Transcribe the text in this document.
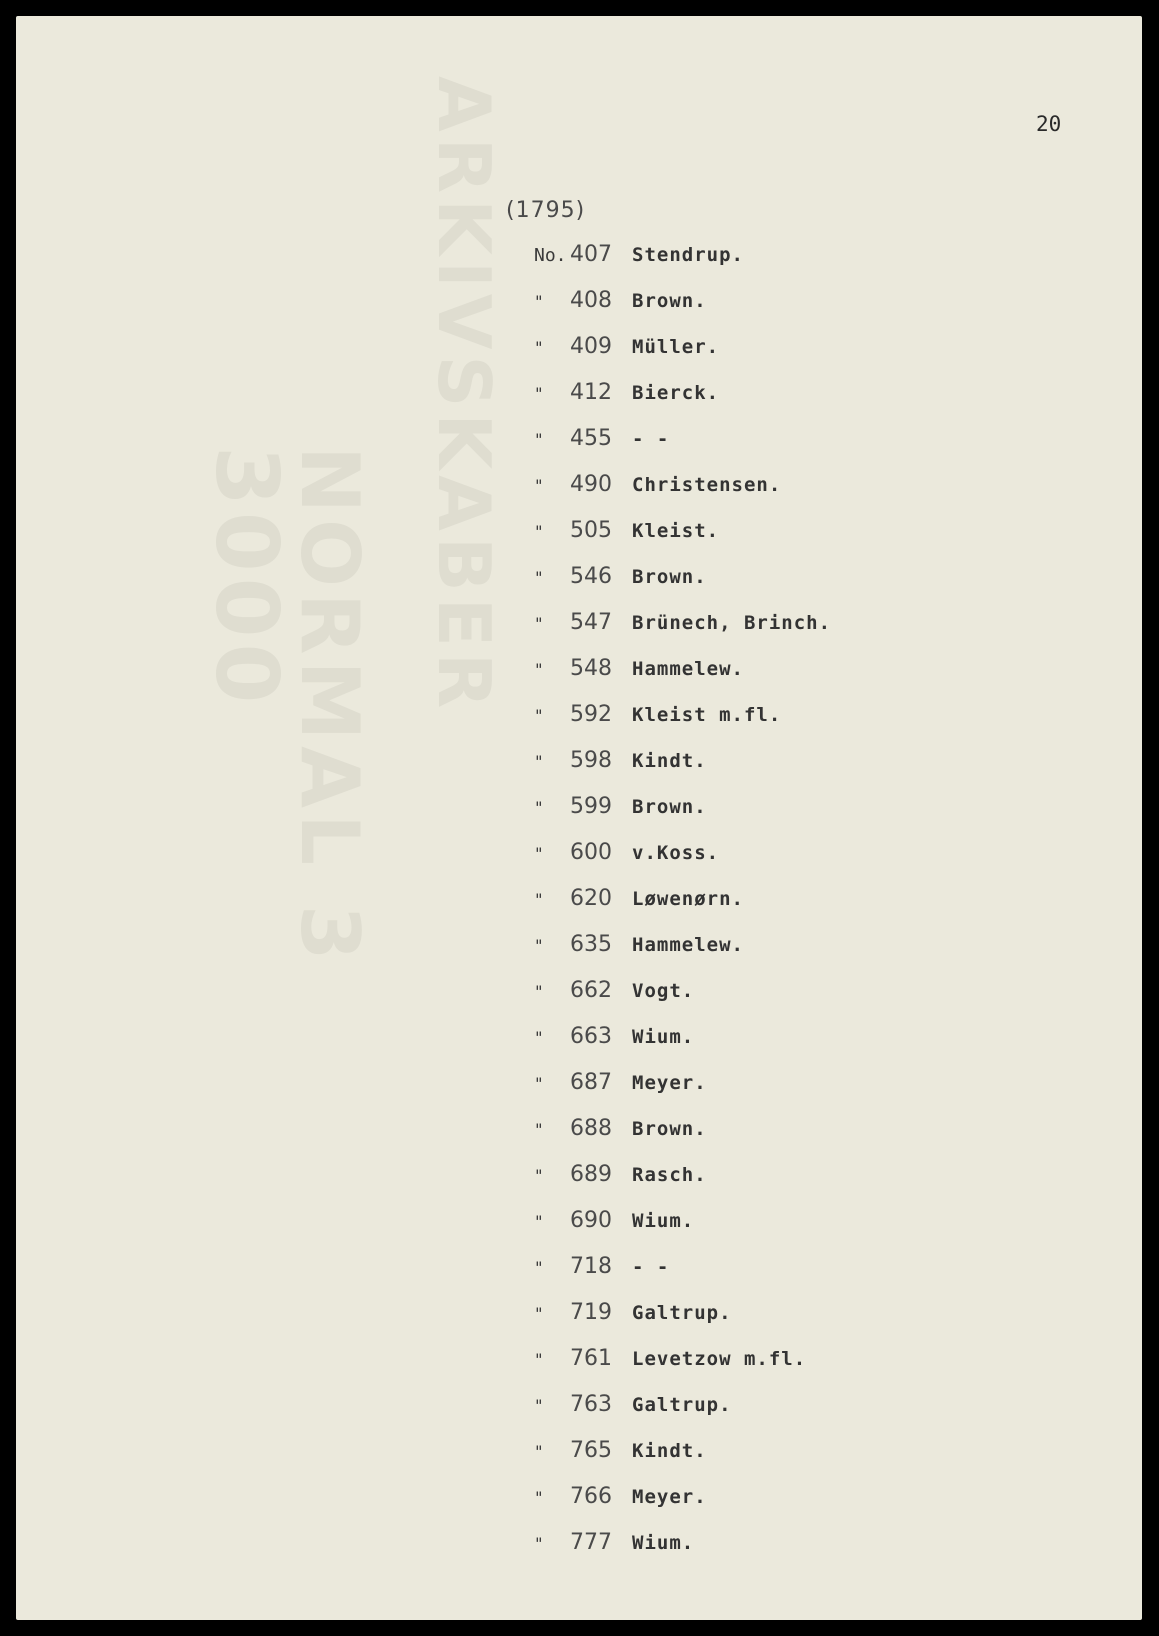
ARKIVSKABER
NORMAL 3
3000
20
(1795)
No. 407	Stendrup.
"	408	Brown.
"	409	Müller.
"	412	Bierck.
"	455	- -
"	490	Christensen.
"	505	Kleist.
"	546	Brown.
"	547	Brünech, Brinch.
"	548	Hammelew.
"	592	Kleist m.fl.
"	598	Kindt.
"	599	Brown.
"	600	v.Koss.
"	620	Løwenørn.
"	635	Hammelew.
"	662	Vogt.
"	663	Wium.
"	687	Meyer.
"	688	Brown.
"	689	Rasch.
"	690	Wium.
"	718	- -
"	719	Galtrup.
"	761	Levetzow m.fl.
"	763	Galtrup.
"	765	Kindt.
"	766	Meyer.
"	777	Wium.
